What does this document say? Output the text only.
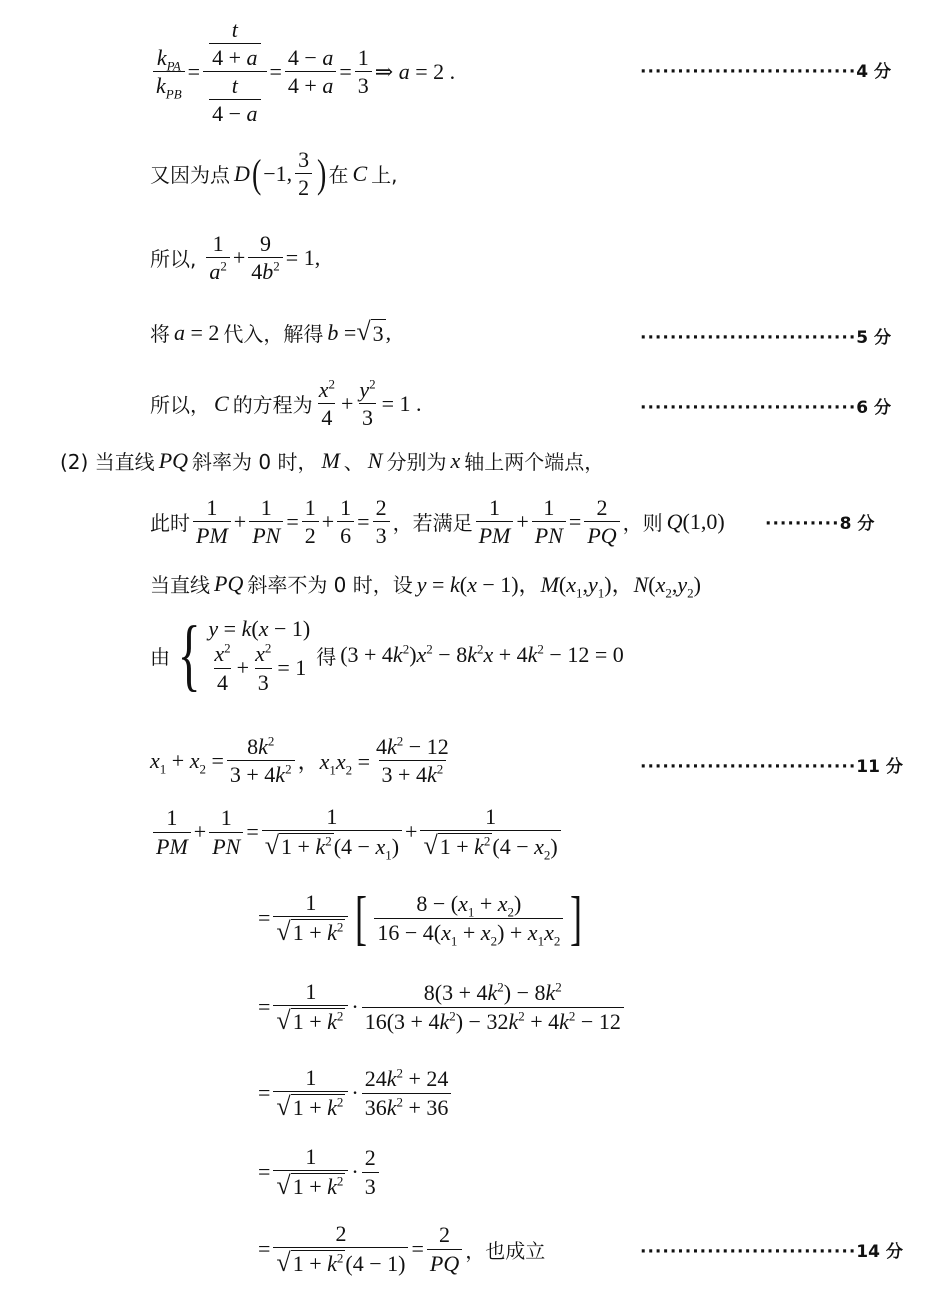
$\frac{k_{PA}}{k_{PB}} = \frac{\frac{t}{4 + a}}{\frac{t}{4 - a}} = \frac{4 - a}{4 + a} = \frac{1}{3}$ ⇒ a = 2 .	·····························4 分
又因为点 D ( −1, $\frac{3}{2}$ ) 在 C 上,
所以, $\frac{1}{a^2} + \frac{9}{4b^2} = 1$,
将 a = 2 代入，解得 b = √ 3 ,	·····························5 分
所以， C 的方程为 $\frac{x^2}{4} + \frac{y^2}{3} = 1$ .	·····························6 分
(2) 当直线 PQ 斜率为 0 时， M 、 N 分别为 x 轴上两个端点，
此时 $\frac{1}{PM} + \frac{1}{PN} = \frac{1}{2} + \frac{1}{6} = \frac{2}{3}$ ，若满足 $\frac{1}{PM} + \frac{1}{PN} = \frac{2}{PQ}$ ，则 Q(1,0) ··········8 分
当直线 PQ 斜率不为 0 时，设 y = k(x − 1)，$M(x_1,y_1)$，$N(x_2,y_2)$
由 { y = k(x − 1)
$\frac{x^2}{4} + \frac{x^2}{3} = 1$ 得 $(3 + 4k^2)x^2 - 8k^2x + 4k^2 - 12 = 0$
$x_1 + x_2 = \frac{8k^2}{3 + 4k^2}$ ，$x_1x_2 = \frac{4k^2 - 12}{3 + 4k^2}$	·····························11 分
$\frac{1}{PM} + \frac{1}{PN} = \frac{1}{√ 1 + k^2 (4 - x_1)} + \frac{1}{√ 1 + k^2 (4 - x_2)}$
= $\frac{1}{√ 1 + k^2}$ [ $\frac{8 - (x_1 + x_2)}{16 - 4(x_1 + x_2) + x_1x_2}$ ]
= $\frac{1}{√ 1 + k^2} \cdot \frac{8(3 + 4k^2) - 8k^2}{16(3 + 4k^2) - 32k^2 + 4k^2 - 12}$
= $\frac{1}{√ 1 + k^2} \cdot \frac{24k^2 + 24}{36k^2 + 36}$
= $\frac{1}{√ 1 + k^2} \cdot \frac{2}{3}$
= $\frac{2}{√ 1 + k^2 (4 - 1)} = \frac{2}{PQ}$ ，也成立	·····························14 分
